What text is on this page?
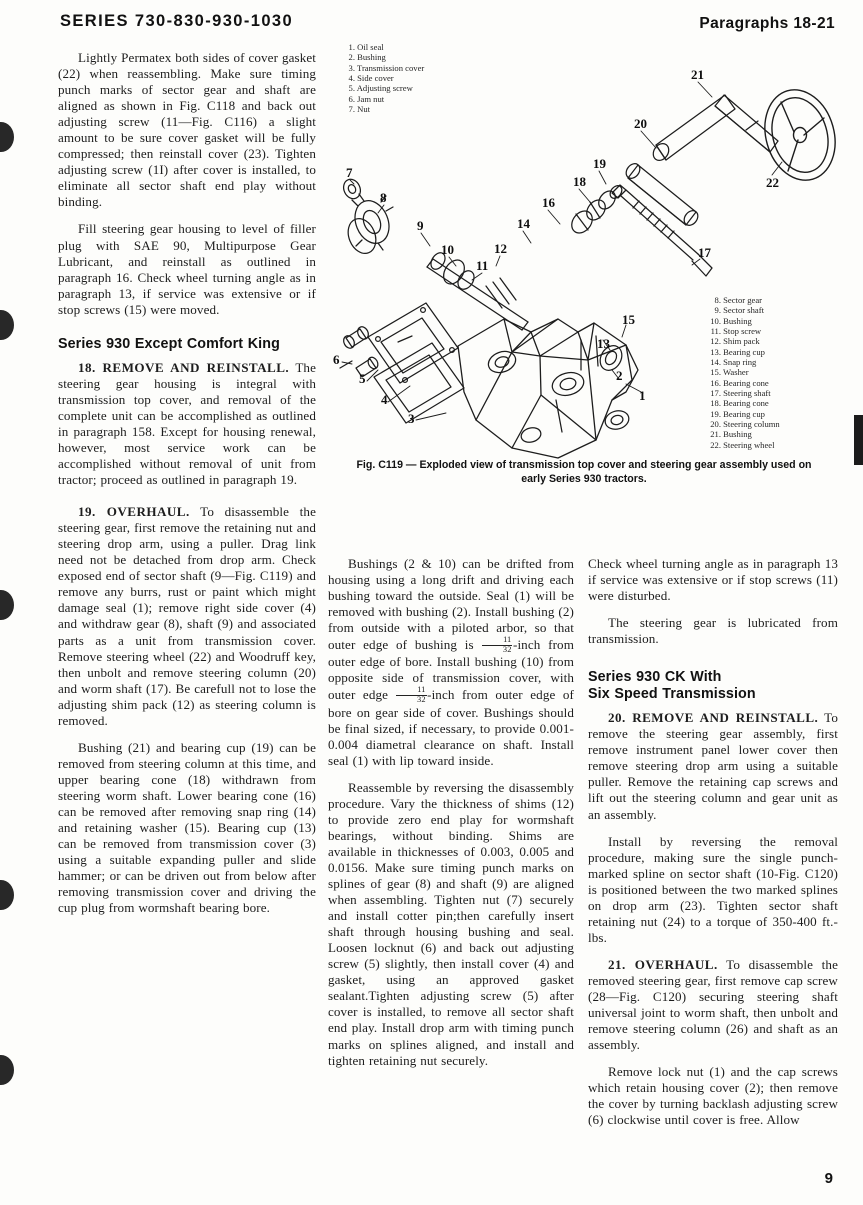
SERIES 730-830-930-1030	Paragraphs 18-21

Lightly Permatex both sides of cover gasket (22) when reassembling. Make sure timing punch marks of sector gear and shaft are aligned as shown in Fig. C118 and back out adjusting screw (11—Fig. C116) a slight amount to be sure cover gasket will be fully compressed; then reinstall cover (23). Tighten adjusting screw (1I) after cover is installed, to eliminate all sector shaft end play without binding.

Fill steering gear housing to level of filler plug with SAE 90, Multipurpose Gear Lubricant, and reinstall as outlined in paragraph 16. Check wheel turning angle as in paragraph 13, if service was extensive or if stop screws (15) were moved.

Series 930 Except Comfort King

18. REMOVE AND REINSTALL. The steering gear housing is integral with transmission top cover, and removal of the complete unit can be accomplished as outlined in paragraph 158. Except for housing renewal, however, most service work can be accomplished without removal of unit from tractor; proceed as outlined in paragraph 19.

19. OVERHAUL. To disassemble the steering gear, first remove the retaining nut and steering drop arm, using a puller. Drag link need not be detached from drop arm. Check exposed end of sector shaft (9—Fig. C119) and remove any burrs, rust or paint which might damage seal (1); remove right side cover (4) and withdraw gear (8), shaft (9) and associated parts as a unit from transmission cover. Remove steering wheel (22) and Woodruff key, then unbolt and remove steering column (20) and worm shaft (17). Be carefull not to lose the adjusting shim pack (12) as steering column is removed.

Bushing (21) and bearing cup (19) can be removed from steering column at this time, and upper bearing cone (18) withdrawn from steering worm shaft. Lower bearing cone (16) can be removed after removing snap ring (14) and retaining washer (15). Bearing cup (13) can be removed from transmission cover (3) using a suitable expanding puller and slide hammer; or can be driven out from below after removing transmission cover and driving the cup plug from wormshaft bearing bore.

1. Oil seal
2. Bushing
3. Transmission cover
4. Side cover
5. Adjusting screw
6. Jam nut
7. Nut
8. Sector gear
9. Sector shaft
10. Bushing
11. Stop screw
12. Shim pack
13. Bearing cup
14. Snap ring
15. Washer
16. Bearing cone
17. Steering shaft
18. Bearing cone
19. Bearing cup
20. Steering column
21. Bushing
22. Steering wheel
1
2
3
4
5
6
7
8
9
10
11
12
13
14
15
16
17
18
19
20
21
22
Fig. C119 — Exploded view of transmission top cover and steering gear assembly used on
early Series 930 tractors.

Bushings (2 & 10) can be drifted from housing using a long drift and driving each bushing toward the outside. Seal (1) will be removed with bushing (2). Install bushing (2) from outside with a piloted arbor, so that outer edge of bushing is $\frac{11}{32}$ -inch from outer edge of bore. Install bushing (10) from opposite side of transmission cover, with outer edge $\frac{11}{32}$ -inch from outer edge of bore on gear side of cover. Bushings should be final sized, if necessary, to provide 0.001-0.004 diametral clearance on shaft. Install seal (1) with lip toward inside.

Reassemble by reversing the disassembly procedure. Vary the thickness of shims (12) to provide zero end play for wormshaft bearings, without binding. Shims are available in thicknesses of 0.003, 0.005 and 0.0156. Make sure timing punch marks on splines of gear (8) and shaft (9) are aligned when assembling. Tighten nut (7) securely and install cotter pin;then carefully insert shaft through housing bushing and seal. Loosen locknut (6) and back out adjusting screw (5) slightly, then install cover (4) and gasket, using an approved gasket sealant.Tighten adjusting screw (5) after cover is installed, to remove all sector shaft end play. Install drop arm with timing punch marks on splines aligned, and install and tighten retaining nut securely.

Check wheel turning angle as in paragraph 13 if service was extensive or if stop screws (11) were disturbed.

The steering gear is lubricated from transmission.

Series 930 CK With
Six Speed Transmission

20. REMOVE AND REINSTALL. To remove the steering gear assembly, first remove instrument panel lower cover then remove steering drop arm using a suitable puller. Remove the retaining cap screws and lift out the steering column and gear unit as an assembly.

Install by reversing the removal procedure, making sure the single punch-marked spline on sector shaft (10-Fig. C120) is positioned between the two marked splines on drop arm (23). Tighten sector shaft retaining nut (24) to a torque of 350-400 ft.-lbs.

21. OVERHAUL. To disassemble the removed steering gear, first remove cap screw (28—Fig. C120) securing steering shaft universal joint to worm shaft, then unbolt and remove steering column (26) and shaft as an assembly.

Remove lock nut (1) and the cap screws which retain housing cover (2); then remove the cover by turning backlash adjusting screw (6) clockwise until cover is free. Allow

9
